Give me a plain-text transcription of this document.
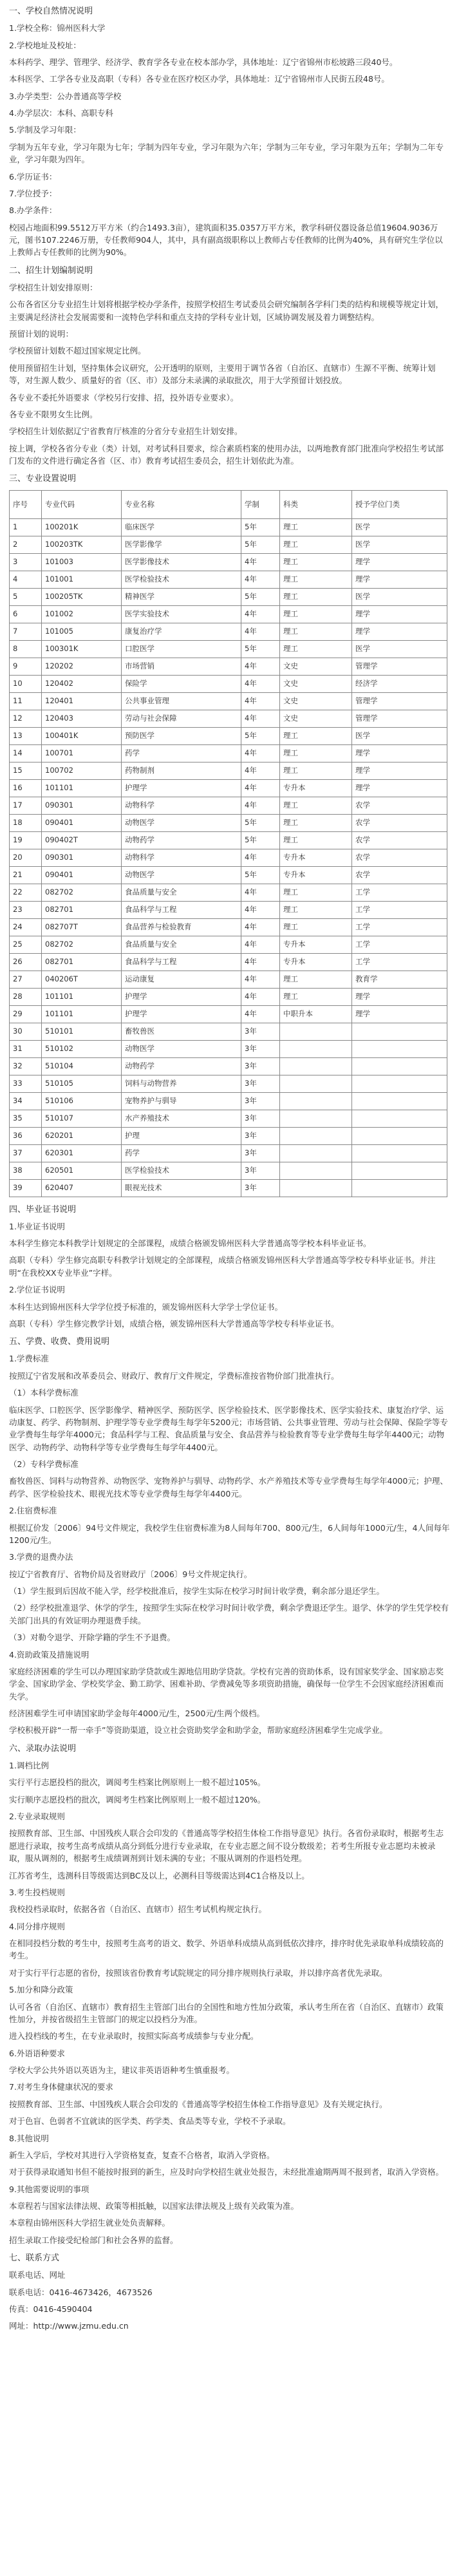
一、学校自然情况说明
1.学校全称：锦州医科大学
2.学校地址及校址：
本科药学、理学、管理学、经济学、教育学各专业在校本部办学，具体地址：辽宁省锦州市松坡路三段40号。
本科医学、工学各专业及高职（专科）各专业在医疗校区办学，具体地址：辽宁省锦州市人民街五段48号。
3.办学类型：公办普通高等学校
4.办学层次：本科、高职专科
5.学制及学习年限：
学制为五年专业，学习年限为七年；学制为四年专业，学习年限为六年；学制为三年专业，学习年限为五年；学制为二年专业，学习年限为四年。
6.学历证书：
7.学位授予：
8.办学条件：
校园占地面积99.5512万平方米（约合1493.3亩），建筑面积35.0357万平方米，教学科研仪器设备总值19604.9036万元，图书107.2246万册，专任教师904人，其中，具有副高级职称以上教师占专任教师的比例为40%，具有研究生学位以上教师占专任教师的比例为90%。
二、招生计划编制说明
学校招生计划安排原则：
公布各省区分专业招生计划将根据学校办学条件，按照学校招生考试委员会研究编制各学科门类的结构和规模等规定计划，主要满足经济社会发展需要和一流特色学科和重点支持的学科专业计划，区域协调发展及着力调整结构。
预留计划的说明：
学校预留计划数不超过国家规定比例。
使用预留招生计划，坚持集体会议研究，公开透明的原则，主要用于调节各省（自治区、直辖市）生源不平衡、统筹计划等，对生源人数少、质量好的省（区、市）及部分未录满的录取批次，用于大学预留计划投放。
各专业不委托外语要求（学校另行安排、招，投外语专业要求）。
各专业不限男女生比例。
学校招生计划依据辽宁省教育厅核准的分省分专业招生计划安排。
按上调，学校各省分专业（类）计划，对考试科目要求，综合素质档案的使用办法，以两地教育部门批准向学校招生考试部门发布的文件进行确定各省（区、市）教育考试招生委员会，招生计划依此为准。
三、专业设置说明
序号	专业代码	专业名称	学制	科类	授予学位门类
1	100201K	临床医学	5年	理工	医学
2	100203TK	医学影像学	5年	理工	医学
3	101003	医学影像技术	4年	理工	理学
4	101001	医学检验技术	4年	理工	理学
5	100205TK	精神医学	5年	理工	医学
6	101002	医学实验技术	4年	理工	理学
7	101005	康复治疗学	4年	理工	理学
8	100301K	口腔医学	5年	理工	医学
9	120202	市场营销	4年	文史	管理学
10	120402	保险学	4年	文史	经济学
11	120401	公共事业管理	4年	文史	管理学
12	120403	劳动与社会保障	4年	文史	管理学
13	100401K	预防医学	5年	理工	医学
14	100701	药学	4年	理工	理学
15	100702	药物制剂	4年	理工	理学
16	101101	护理学	4年	专升本	理学
17	090301	动物科学	4年	理工	农学
18	090401	动物医学	5年	理工	农学
19	090402T	动物药学	5年	理工	农学
20	090301	动物科学	4年	专升本	农学
21	090401	动物医学	5年	专升本	农学
22	082702	食品质量与安全	4年	理工	工学
23	082701	食品科学与工程	4年	理工	工学
24	082707T	食品营养与检验教育	4年	理工	工学
25	082702	食品质量与安全	4年	专升本	工学
26	082701	食品科学与工程	4年	专升本	工学
27	040206T	运动康复	4年	理工	教育学
28	101101	护理学	4年	理工	理学
29	101101	护理学	4年	中职升本	理学
30	510101	畜牧兽医	3年		
31	510102	动物医学	3年		
32	510104	动物药学	3年		
33	510105	饲料与动物营养	3年		
34	510106	宠物养护与驯导	3年		
35	510107	水产养殖技术	3年		
36	620201	护理	3年		
37	620301	药学	3年		
38	620501	医学检验技术	3年		
39	620407	眼视光技术	3年		
四、毕业证书说明
1.毕业证书说明
本科学生修完本科教学计划规定的全部课程，成绩合格颁发锦州医科大学普通高等学校本科毕业证书。
高职（专科）学生修完高职专科教学计划规定的全部课程，成绩合格颁发锦州医科大学普通高等学校专科毕业证书。并注明“在我校XX专业毕业”字样。
2.学位证书说明
本科生达到锦州医科大学学位授予标准的，颁发锦州医科大学学士学位证书。
高职（专科）学生修完教学计划，成绩合格，颁发锦州医科大学普通高等学校专科毕业证书。
五、学费、收费、费用说明
1.学费标准
按照辽宁省发展和改革委员会、财政厅、教育厅文件规定，学费标准按省物价部门批准执行。
（1）本科学费标准
临床医学、口腔医学、医学影像学、精神医学、预防医学、医学检验技术、医学影像技术、医学实验技术、康复治疗学、运动康复、药学、药物制剂、护理学等专业学费每生每学年5200元；市场营销、公共事业管理、劳动与社会保障、保险学等专业学费每生每学年4000元；食品科学与工程、食品质量与安全、食品营养与检验教育等专业学费每生每学年4400元；动物医学、动物药学、动物科学等专业学费每生每学年4400元。
（2）专科学费标准
畜牧兽医、饲料与动物营养、动物医学、宠物养护与驯导、动物药学、水产养殖技术等专业学费每生每学年4000元；护理、药学、医学检验技术、眼视光技术等专业学费每生每学年4400元。
2.住宿费标准
根据辽价发〔2006〕94号文件规定，我校学生住宿费标准为8人间每年700、800元/生，6人间每年1000元/生，4人间每年1200元/生。
3.学费的退费办法
按辽宁省教育厅、省物价局及省财政厅〔2006〕9号文件规定执行。
（1）学生报到后因故不能入学，经学校批准后，按学生实际在校学习时间计收学费，剩余部分退还学生。
（2）经学校批准退学、休学的学生，按照学生实际在校学习时间计收学费，剩余学费退还学生。退学、休学的学生凭学校有关部门出具的有效证明办理退费手续。
（3）对勒令退学、开除学籍的学生不予退费。
4.资助政策及措施说明
家庭经济困难的学生可以办理国家助学贷款或生源地信用助学贷款。学校有完善的资助体系，设有国家奖学金、国家励志奖学金、国家助学金、学校奖学金、勤工助学、困难补助、学费减免等多项资助措施，确保每一位学生不会因家庭经济困难而失学。
经济困难学生可申请国家助学金每年4000元/生，2500元/生两个级档。
学校积极开辟“一帮一牵手”等资助渠道，设立社会资助奖学金和助学金，帮助家庭经济困难学生完成学业。
六、录取办法说明
1.调档比例
实行平行志愿投档的批次，调阅考生档案比例原则上一般不超过105%。
实行顺序志愿投档的批次，调阅考生档案比例原则上一般不超过120%。
2.专业录取规则
按照教育部、卫生部、中国残疾人联合会印发的《普通高等学校招生体检工作指导意见》执行。各省份录取时，根据考生志愿进行录取，按考生高考成绩从高分到低分进行专业录取，在专业志愿之间不设分数级差；若考生所报专业志愿均未被录取，服从调剂的，根据考生成绩调剂到计划未满的专业；不服从调剂的作退档处理。
江苏省考生，选测科目等级需达到BC及以上，必测科目等级需达到4C1合格及以上。
3.考生投档规则
我校投档录取时，依据各省（自治区、直辖市）招生考试机构规定执行。
4.同分排序规则
在相同投档分数的考生中，按照考生高考的语文、数学、外语单科成绩从高到低依次排序，排序时优先录取单科成绩较高的考生。
对于实行平行志愿的省份，按照该省份教育考试院规定的同分排序规则执行录取，并以排序高者优先录取。
5.加分和降分政策
认可各省（自治区、直辖市）教育招生主管部门出台的全国性和地方性加分政策，承认考生所在省（自治区、直辖市）政策性加分，并按省级招生主管部门的规定以投档分为准。
进入投档线的考生，在专业录取时，按照实际高考成绩参与专业分配。
6.外语语种要求
学校大学公共外语以英语为主，建议非英语语种考生慎重报考。
7.对考生身体健康状况的要求
按照教育部、卫生部、中国残疾人联合会印发的《普通高等学校招生体检工作指导意见》及有关规定执行。
对于色盲、色弱者不宜就读的医学类、药学类、食品类等专业，学校不予录取。
8.其他说明
新生入学后，学校对其进行入学资格复查，复查不合格者，取消入学资格。
对于获得录取通知书但不能按时报到的新生，应及时向学校招生就业处报告，未经批准逾期两周不报到者，取消入学资格。
9.其他需要说明的事项
本章程若与国家法律法规、政策等相抵触，以国家法律法规及上级有关政策为准。
本章程由锦州医科大学招生就业处负责解释。
招生录取工作接受纪检部门和社会各界的监督。
七、联系方式
联系电话、网址
联系电话：0416-4673426，4673526
传真：0416-4590404
网址：http://www.jzmu.edu.cn
